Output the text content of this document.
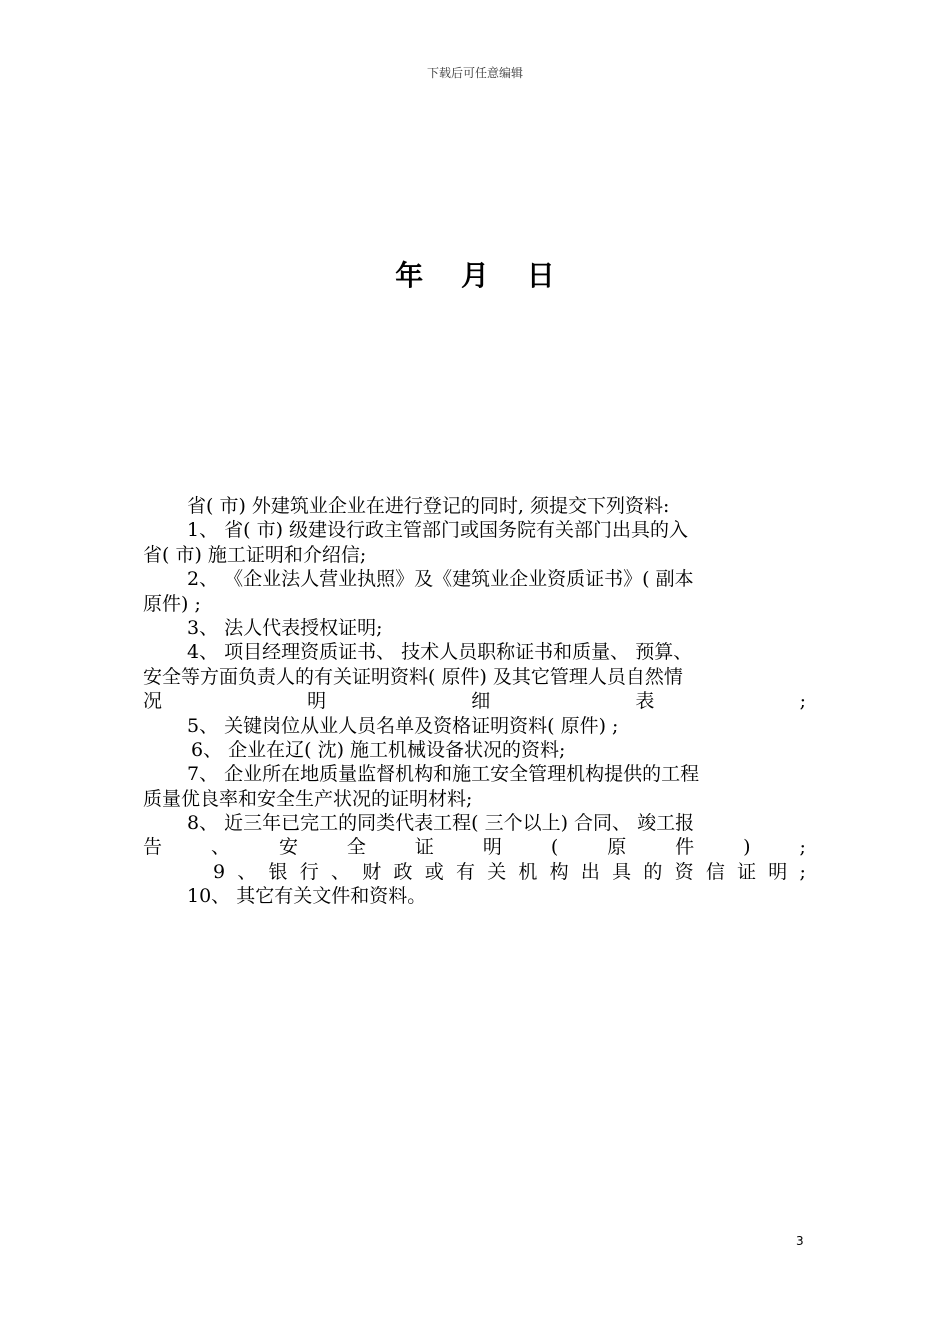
下载后可任意编辑
年 月 日
省( 市) 外建筑业企业在进行登记的同时, 须提交下列资料:
1、 省( 市) 级建设行政主管部门或国务院有关部门出具的入
省( 市) 施工证明和介绍信;
2、 《企业法人营业执照》及《建筑业企业资质证书》( 副本
原件) ;
3、 法人代表授权证明;
4、 项目经理资质证书、 技术人员职称证书和质量、 预算、
安全等方面负责人的有关证明资料( 原件) 及其它管理人员自然情
况	明	细	表	;
5、 关键岗位从业人员名单及资格证明资料( 原件) ;
6、 企业在辽( 沈) 施工机械设备状况的资料;
7、 企业所在地质量监督机构和施工安全管理机构提供的工程
质量优良率和安全生产状况的证明材料;
8、 近三年已完工的同类代表工程( 三个以上) 合同、 竣工报
告	、	安	全	证	明	(	原	件	)	;
9 、 银 行 、 财 政 或 有 关 机 构 出 具 的 资 信 证 明 ;
10、 其它有关文件和资料。
3
